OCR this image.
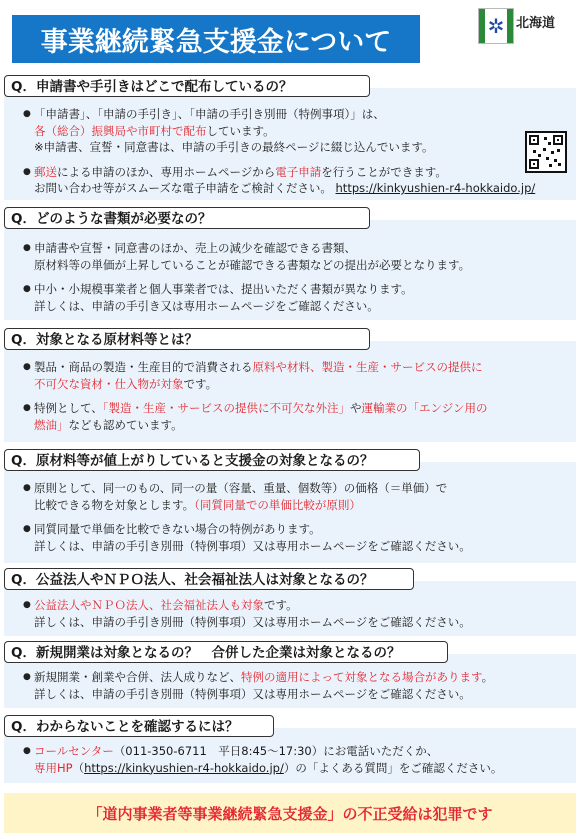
事業継続緊急支援金について
✲ 北海道
Q．申請書や手引きはどこで配布しているの？
● 「申請書」、「申請の手引き」、「申請の手引き別冊（特例事項）」は、
各（総合）振興局や市町村で配布しています。
※申請書、宣誓・同意書は、申請の手引きの最終ページに綴じ込んでいます。
● 郵送による申請のほか、専用ホームページから電子申請を行うことができます。
お問い合わせ等がスムーズな電子申請をご検討ください。 https://kinkyushien-r4-hokkaido.jp/
Q．どのような書類が必要なの？
● 申請書や宣誓・同意書のほか、売上の減少を確認できる書類、
原材料等の単価が上昇していることが確認できる書類などの提出が必要となります。
● 中小・小規模事業者と個人事業者では、提出いただく書類が異なります。
詳しくは、申請の手引き又は専用ホームページをご確認ください。
Q．対象となる原材料等とは？
● 製品・商品の製造・生産目的で消費される原料や材料、製造・生産・サービスの提供に
不可欠な資材・仕入物が対象です。
● 特例として、「製造・生産・サービスの提供に不可欠な外注」や運輸業の「エンジン用の
燃油」なども認めています。
Q．原材料等が値上がりしていると支援金の対象となるの？
● 原則として、同一のもの、同一の量（容量、重量、個数等）の価格（＝単価）で
比較できる物を対象とします。（同質同量での単価比較が原則）
● 同質同量で単価を比較できない場合の特例があります。
詳しくは、申請の手引き別冊（特例事項）又は専用ホームページをご確認ください。
Q．公益法人やＮＰＯ法人、社会福祉法人は対象となるの？
● 公益法人やＮＰＯ法人、社会福祉法人も対象です。
詳しくは、申請の手引き別冊（特例事項）又は専用ホームページをご確認ください。
Q．新規開業は対象となるの？　合併した企業は対象となるの？
● 新規開業・創業や合併、法人成りなど、特例の適用によって対象となる場合があります。
詳しくは、申請の手引き別冊（特例事項）又は専用ホームページをご確認ください。
Q．わからないことを確認するには？
● コールセンター（011-350-6711　平日8:45～17:30）にお電話いただくか、
専用HP（https://kinkyushien-r4-hokkaido.jp/）の「よくある質問」をご確認ください。
「道内事業者等事業継続緊急支援金」の不正受給は犯罪です
